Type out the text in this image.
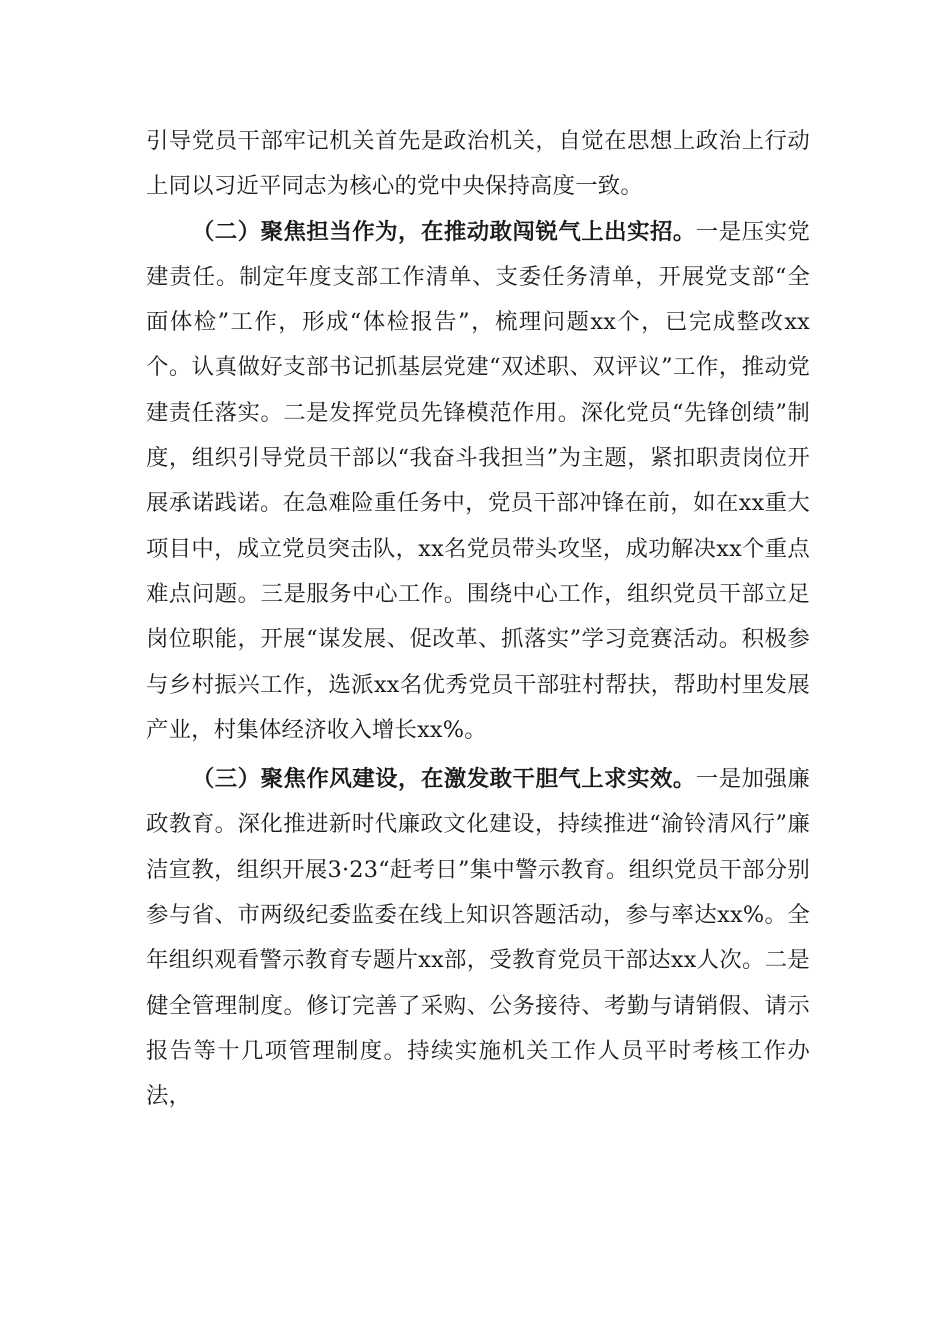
引导党员干部牢记机关首先是政治机关，自觉在思想上政治上行动上同以习近平同志为核心的党中央保持高度一致。

（二）聚焦担当作为，在推动敢闯锐气上出实招。一是压实党建责任。制定年度支部工作清单、支委任务清单，开展党支部“全面体检”工作，形成“体检报告”，梳理问题xx个，已完成整改xx个。认真做好支部书记抓基层党建“双述职、双评议”工作，推动党建责任落实。二是发挥党员先锋模范作用。深化党员“先锋创绩”制度，组织引导党员干部以“我奋斗我担当”为主题，紧扣职责岗位开展承诺践诺。在急难险重任务中，党员干部冲锋在前，如在xx重大项目中，成立党员突击队，xx名党员带头攻坚，成功解决xx个重点难点问题。三是服务中心工作。围绕中心工作，组织党员干部立足岗位职能，开展“谋发展、促改革、抓落实”学习竞赛活动。积极参与乡村振兴工作，选派xx名优秀党员干部驻村帮扶，帮助村里发展产业，村集体经济收入增长xx%。

（三）聚焦作风建设，在激发敢干胆气上求实效。一是加强廉政教育。深化推进新时代廉政文化建设，持续推进“渝铃清风行”廉洁宣教，组织开展3·23“赶考日”集中警示教育。组织党员干部分别参与省、市两级纪委监委在线上知识答题活动，参与率达xx%。全年组织观看警示教育专题片xx部，受教育党员干部达xx人次。二是健全管理制度。修订完善了采购、公务接待、考勤与请销假、请示报告等十几项管理制度。持续实施机关工作人员平时考核工作办法，
